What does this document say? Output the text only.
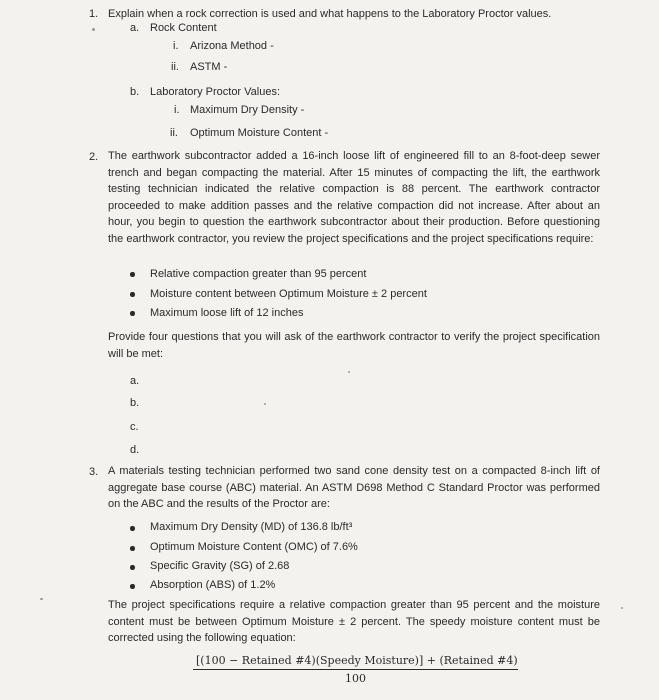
1. Explain when a rock correction is used and what happens to the Laboratory Proctor values.
a. Rock Content
i. Arizona Method -
ii. ASTM -
b. Laboratory Proctor Values:
i. Maximum Dry Density -
ii. Optimum Moisture Content -
2. The earthwork subcontractor added a 16-inch loose lift of engineered fill to an 8-foot-deep sewer trench and began compacting the material. After 15 minutes of compacting the lift, the earthwork testing technician indicated the relative compaction is 88 percent. The earthwork contractor proceeded to make addition passes and the relative compaction did not increase. After about an hour, you begin to question the earthwork subcontractor about their production. Before questioning the earthwork contractor, you review the project specifications and the project specifications require:
Relative compaction greater than 95 percent
Moisture content between Optimum Moisture ± 2 percent
Maximum loose lift of 12 inches
Provide four questions that you will ask of the earthwork contractor to verify the project specification will be met:
a.
b.
c.
d.
3. A materials testing technician performed two sand cone density test on a compacted 8-inch lift of aggregate base course (ABC) material. An ASTM D698 Method C Standard Proctor was performed on the ABC and the results of the Proctor are:
Maximum Dry Density (MD) of 136.8 lb/ft³
Optimum Moisture Content (OMC) of 7.6%
Specific Gravity (SG) of 2.68
Absorption (ABS) of 1.2%
The project specifications require a relative compaction greater than 95 percent and the moisture content must be between Optimum Moisture ± 2 percent. The speedy moisture content must be corrected using the following equation:
[(100 − Retained #4)(Speedy Moisture)] + (Retained #4)
100
